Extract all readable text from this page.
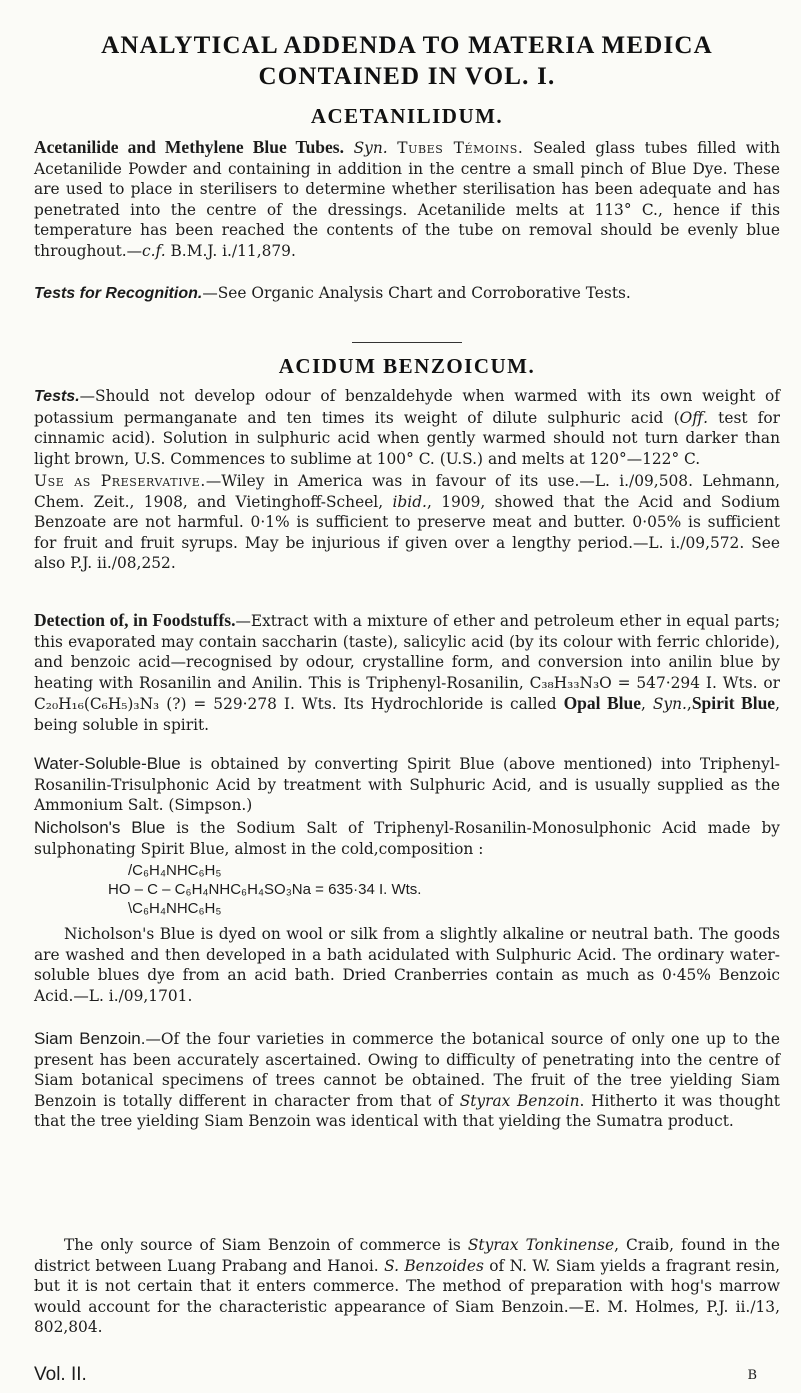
ANALYTICAL ADDENDA TO MATERIA MEDICA
CONTAINED IN VOL. I.
ACETANILIDUM.
Acetanilide and Methylene Blue Tubes. Syn. Tubes Témoins. Sealed glass tubes filled with Acetanilide Powder and containing in addition in the centre a small pinch of Blue Dye. These are used to place in sterilisers to determine whether sterilisation has been adequate and has penetrated into the centre of the dressings. Acetanilide melts at 113° C., hence if this temperature has been reached the contents of the tube on removal should be evenly blue throughout.—c.f. B.M.J. i./11,879.
Tests for Recognition.—See Organic Analysis Chart and Corroborative Tests.
ACIDUM BENZOICUM.
Tests.—Should not develop odour of benzaldehyde when warmed with its own weight of potassium permanganate and ten times its weight of dilute sulphuric acid (Off. test for cinnamic acid). Solution in sulphuric acid when gently warmed should not turn darker than light brown, U.S. Commences to sublime at 100° C. (U.S.) and melts at 120°—122° C.
Use as Preservative.—Wiley in America was in favour of its use.—L. i./09,508. Lehmann, Chem. Zeit., 1908, and Vietinghoff-Scheel, ibid., 1909, showed that the Acid and Sodium Benzoate are not harmful. 0·1% is sufficient to preserve meat and butter. 0·05% is sufficient for fruit and fruit syrups. May be injurious if given over a lengthy period.—L. i./09,572. See also P.J. ii./08,252.
Detection of, in Foodstuffs.—Extract with a mixture of ether and petroleum ether in equal parts; this evaporated may contain saccharin (taste), salicylic acid (by its colour with ferric chloride), and benzoic acid—recognised by odour, crystalline form, and conversion into anilin blue by heating with Rosanilin and Anilin. This is Triphenyl-Rosanilin, C₃₈H₃₃N₃O = 547·294 I. Wts. or C₂₀H₁₆(C₆H₅)₃N₃ (?) = 529·278 I. Wts. Its Hydrochloride is called Opal Blue, Syn.,Spirit Blue, being soluble in spirit.
Water-Soluble-Blue is obtained by converting Spirit Blue (above mentioned) into Triphenyl-Rosanilin-Trisulphonic Acid by treatment with Sulphuric Acid, and is usually supplied as the Ammonium Salt. (Simpson.)
Nicholson's Blue is the Sodium Salt of Triphenyl-Rosanilin-Monosulphonic Acid made by sulphonating Spirit Blue, almost in the cold,composition :
/C₆H₄NHC₆H₅
HO – C – C₆H₄NHC₆H₄SO₃Na = 635·34 I. Wts.
\C₆H₄NHC₆H₅
Nicholson's Blue is dyed on wool or silk from a slightly alkaline or neutral bath. The goods are washed and then developed in a bath acidulated with Sulphuric Acid. The ordinary water-soluble blues dye from an acid bath. Dried Cranberries contain as much as 0·45% Benzoic Acid.—L. i./09,1701.
Siam Benzoin.—Of the four varieties in commerce the botanical source of only one up to the present has been accurately ascertained. Owing to difficulty of penetrating into the centre of Siam botanical specimens of trees cannot be obtained. The fruit of the tree yielding Siam Benzoin is totally different in character from that of Styrax Benzoin. Hitherto it was thought that the tree yielding Siam Benzoin was identical with that yielding the Sumatra product.
The only source of Siam Benzoin of commerce is Styrax Tonkinense, Craib, found in the district between Luang Prabang and Hanoi. S. Benzoides of N. W. Siam yields a fragrant resin, but it is not certain that it enters commerce. The method of preparation with hog's marrow would account for the characteristic appearance of Siam Benzoin.—E. M. Holmes, P.J. ii./13, 802,804.
Vol. II.	B
